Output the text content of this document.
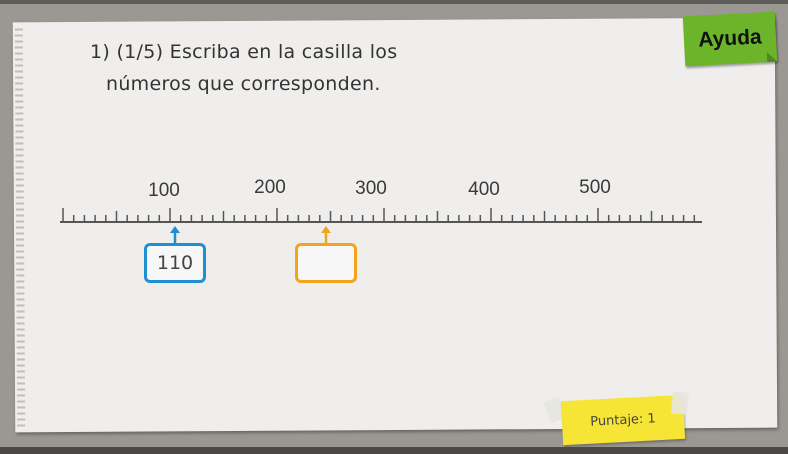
1) (1/5) Escriba en la casilla los
números que corresponden.
Ayuda
100	200	300	400	500
110
Puntaje: 1
